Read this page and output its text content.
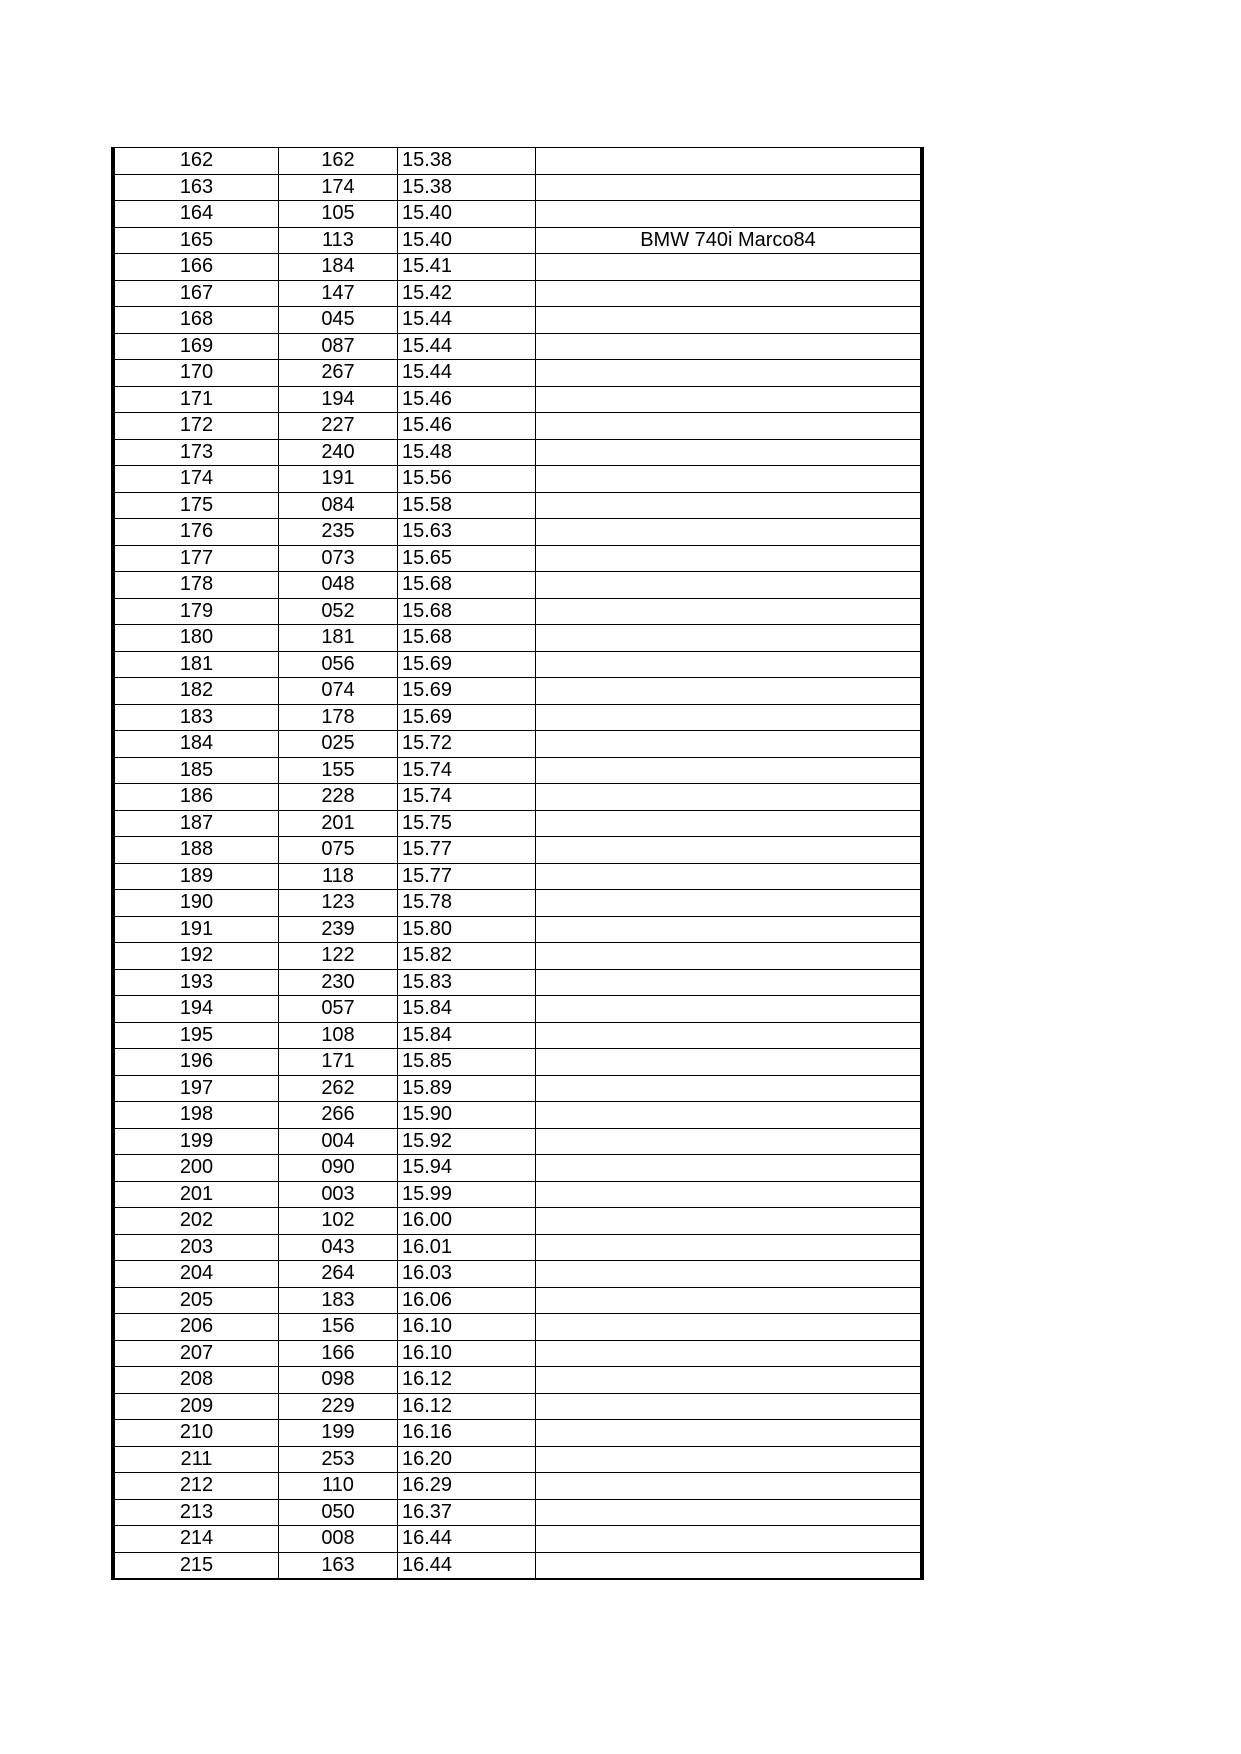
162	162	15.38	
163	174	15.38	
164	105	15.40	
165	113	15.40	BMW 740i Marco84
166	184	15.41	
167	147	15.42	
168	045	15.44	
169	087	15.44	
170	267	15.44	
171	194	15.46	
172	227	15.46	
173	240	15.48	
174	191	15.56	
175	084	15.58	
176	235	15.63	
177	073	15.65	
178	048	15.68	
179	052	15.68	
180	181	15.68	
181	056	15.69	
182	074	15.69	
183	178	15.69	
184	025	15.72	
185	155	15.74	
186	228	15.74	
187	201	15.75	
188	075	15.77	
189	118	15.77	
190	123	15.78	
191	239	15.80	
192	122	15.82	
193	230	15.83	
194	057	15.84	
195	108	15.84	
196	171	15.85	
197	262	15.89	
198	266	15.90	
199	004	15.92	
200	090	15.94	
201	003	15.99	
202	102	16.00	
203	043	16.01	
204	264	16.03	
205	183	16.06	
206	156	16.10	
207	166	16.10	
208	098	16.12	
209	229	16.12	
210	199	16.16	
211	253	16.20	
212	110	16.29	
213	050	16.37	
214	008	16.44	
215	163	16.44	
